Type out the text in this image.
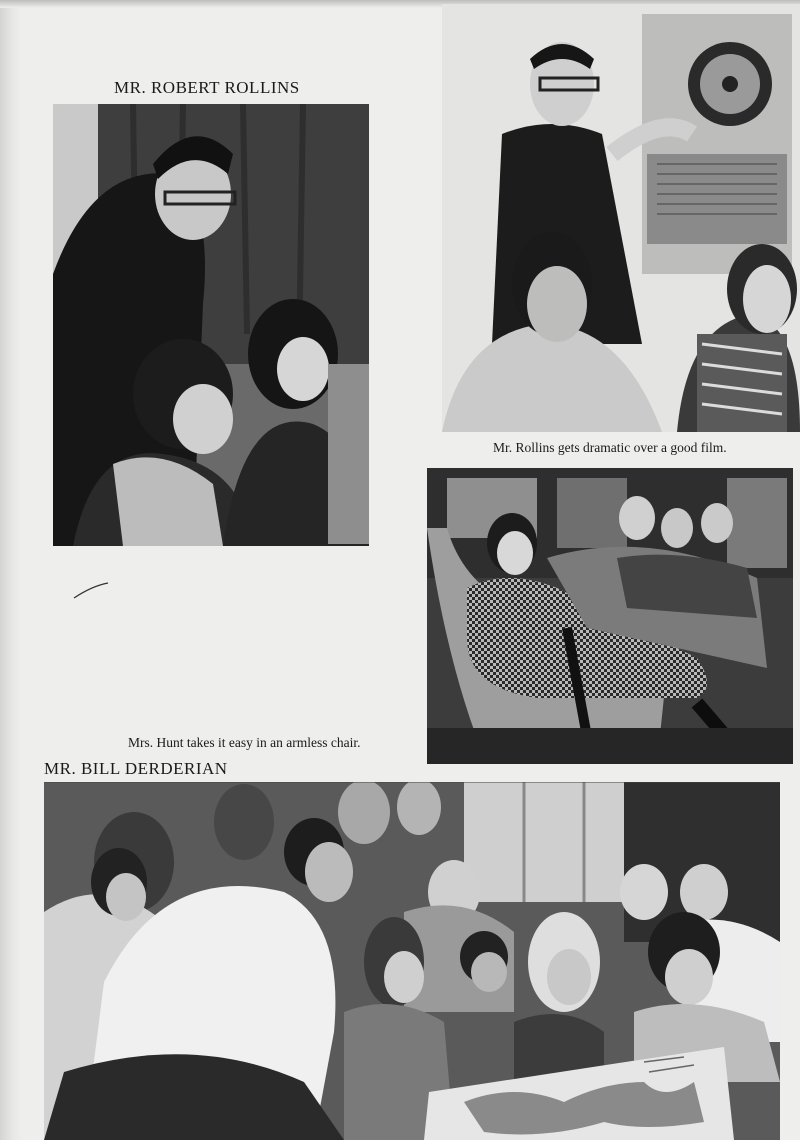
MR. ROBERT ROLLINS
Mr. Rollins gets dramatic over a good film.
Mrs. Hunt takes it easy in an armless chair.
MR. BILL DERDERIAN
